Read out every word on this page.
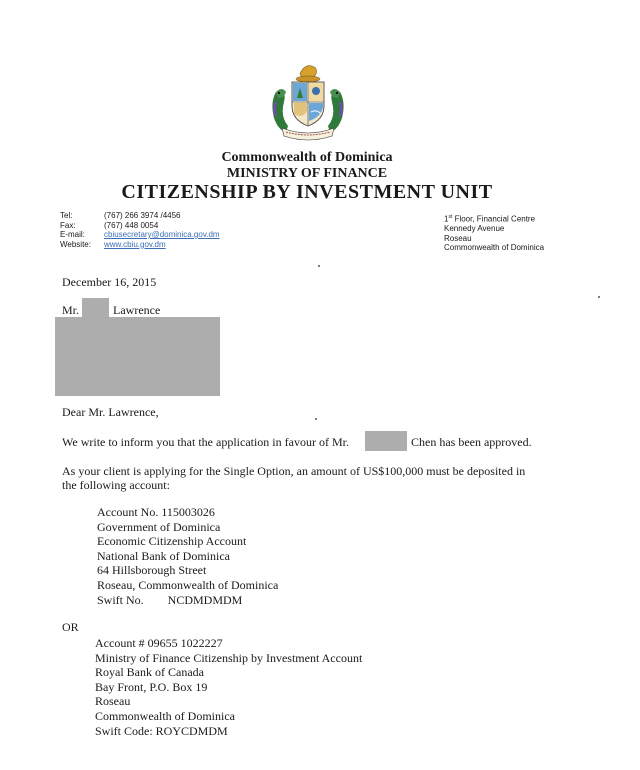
Commonwealth of Dominica
MINISTRY OF FINANCE
CITIZENSHIP BY INVESTMENT UNIT
Tel:	(767) 266 3974 /4456
Fax:	(767) 448 0054
E-mail:	cbiusecretary@dominica.gov.dm
Website:	www.cbiu.gov.dm
1st Floor, Financial Centre
Kennedy Avenue
Roseau
Commonwealth of Dominica
December 16, 2015
Mr.	Lawrence
Dear Mr. Lawrence,
We write to inform you that the application in favour of Mr.	Chen has been approved.
As your client is applying for the Single Option, an amount of US$100,000 must be deposited in
the following account:
Account No. 115003026
Government of Dominica
Economic Citizenship Account
National Bank of Dominica
64 Hillsborough Street
Roseau, Commonwealth of Dominica
Swift No. NCDMDMDM
OR
Account # 09655 1022227
Ministry of Finance Citizenship by Investment Account
Royal Bank of Canada
Bay Front, P.O. Box 19
Roseau
Commonwealth of Dominica
Swift Code: ROYCDMDM
